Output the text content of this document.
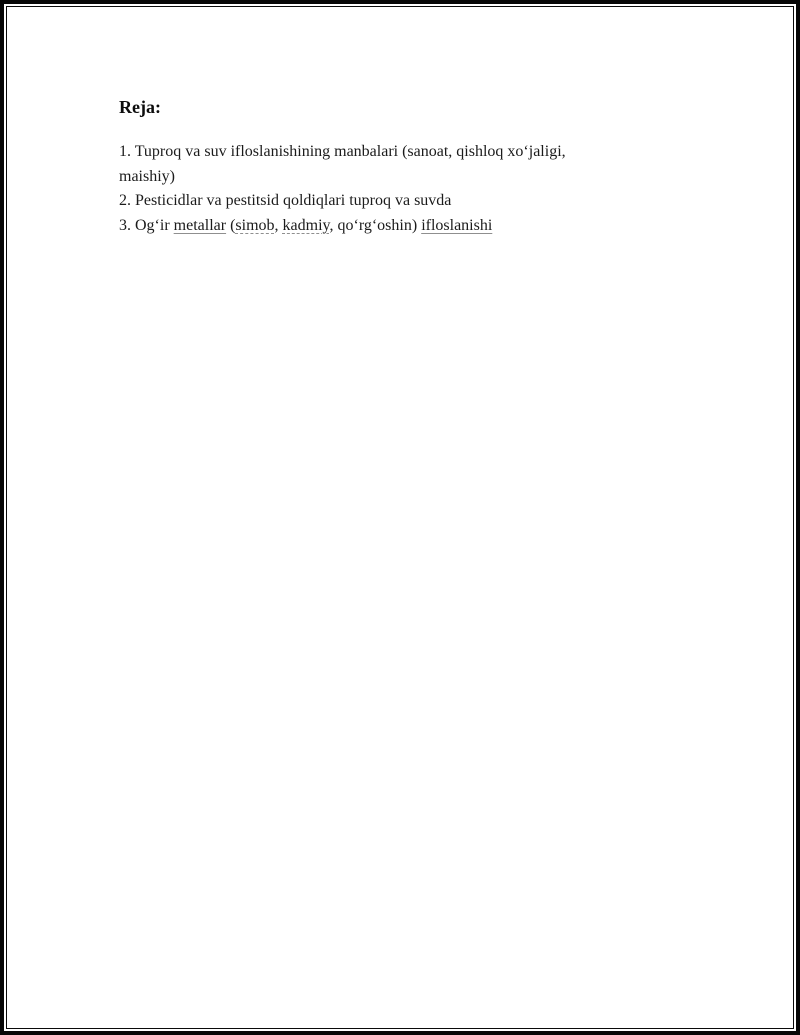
Reja:
1. Tuproq va suv ifloslanishining manbalari (sanoat, qishloq xo‘jaligi,
maishiy)
2. Pesticidlar va pestitsid qoldiqlari tuproq va suvda
3. Og‘ir metallar (simob, kadmiy, qo‘rg‘oshin) ifloslanishi
